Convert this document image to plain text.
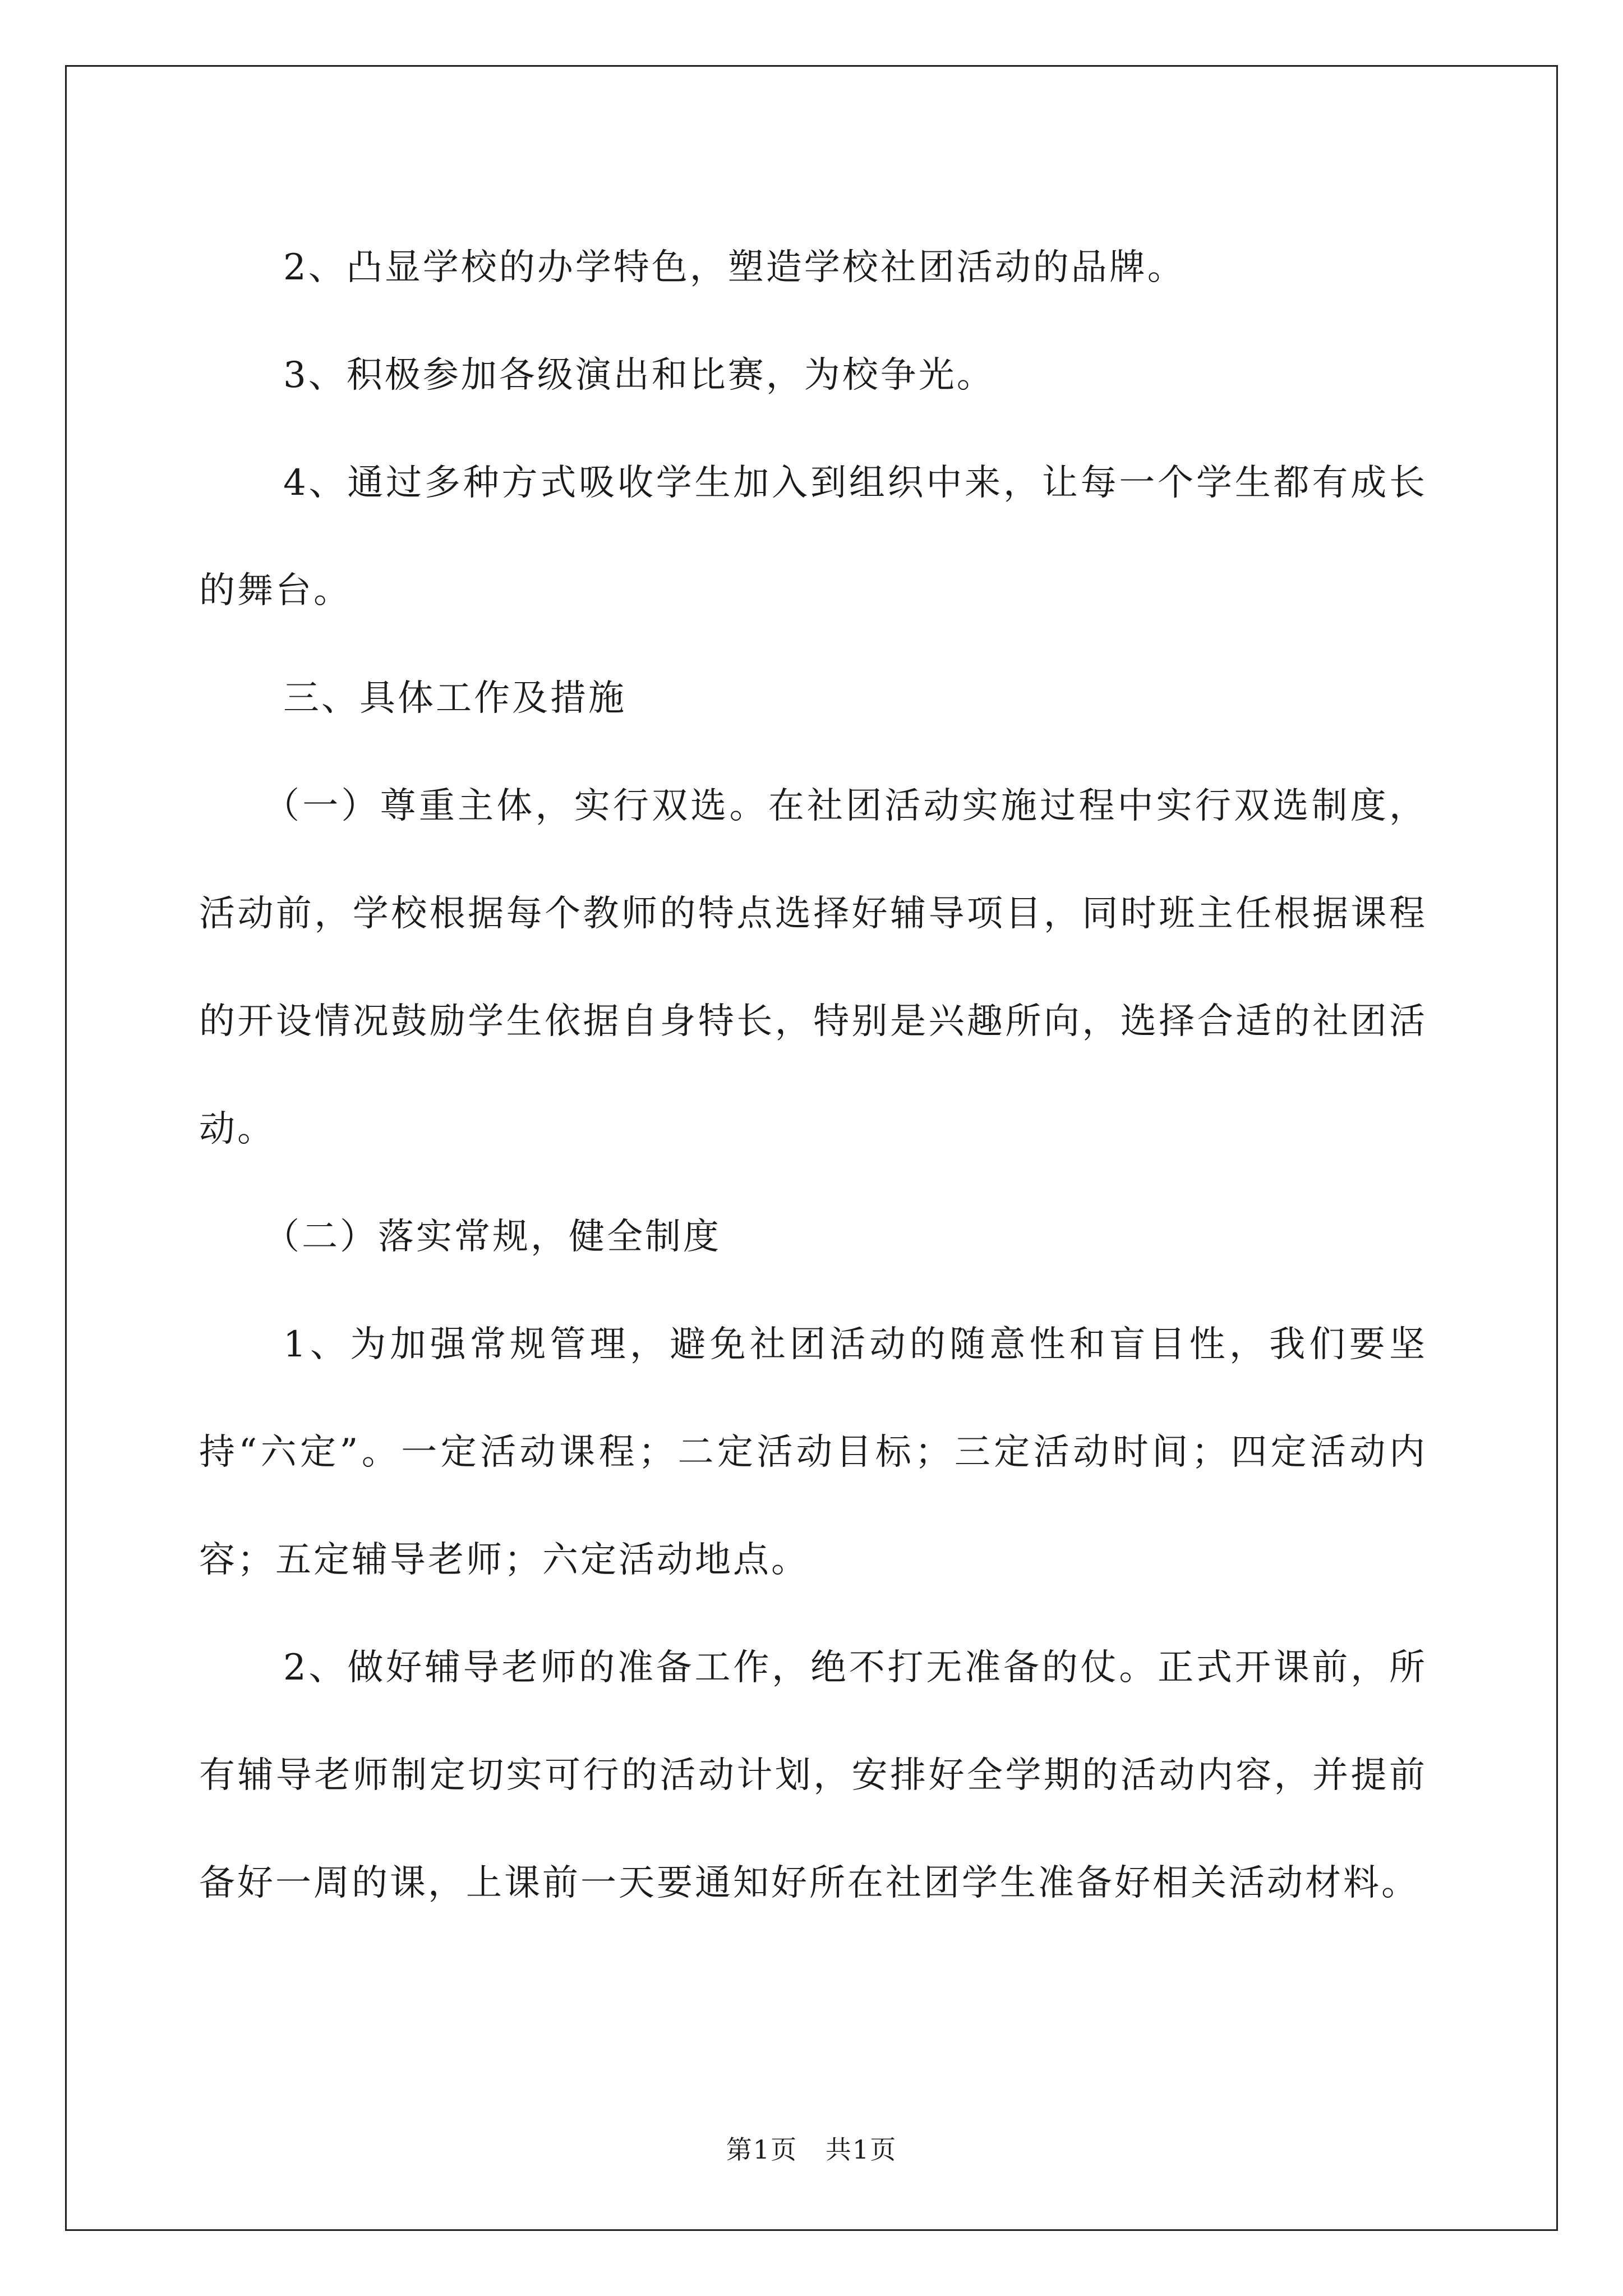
2、凸显学校的办学特色，塑造学校社团活动的品牌。

3、积极参加各级演出和比赛，为校争光。

4、通过多种方式吸收学生加入到组织中来，让每一个学生都有成长的舞台。

三、具体工作及措施

（一）尊重主体，实行双选。在社团活动实施过程中实行双选制度，活动前，学校根据每个教师的特点选择好辅导项目，同时班主任根据课程的开设情况鼓励学生依据自身特长，特别是兴趣所向，选择合适的社团活动。

（二）落实常规，健全制度

1、为加强常规管理，避免社团活动的随意性和盲目性，我们要坚持“六定”。一定活动课程；二定活动目标；三定活动时间；四定活动内容；五定辅导老师；六定活动地点。

2、做好辅导老师的准备工作，绝不打无准备的仗。正式开课前，所有辅导老师制定切实可行的活动计划，安排好全学期的活动内容，并提前备好一周的课，上课前一天要通知好所在社团学生准备好相关活动材料。

第1页   共1页
